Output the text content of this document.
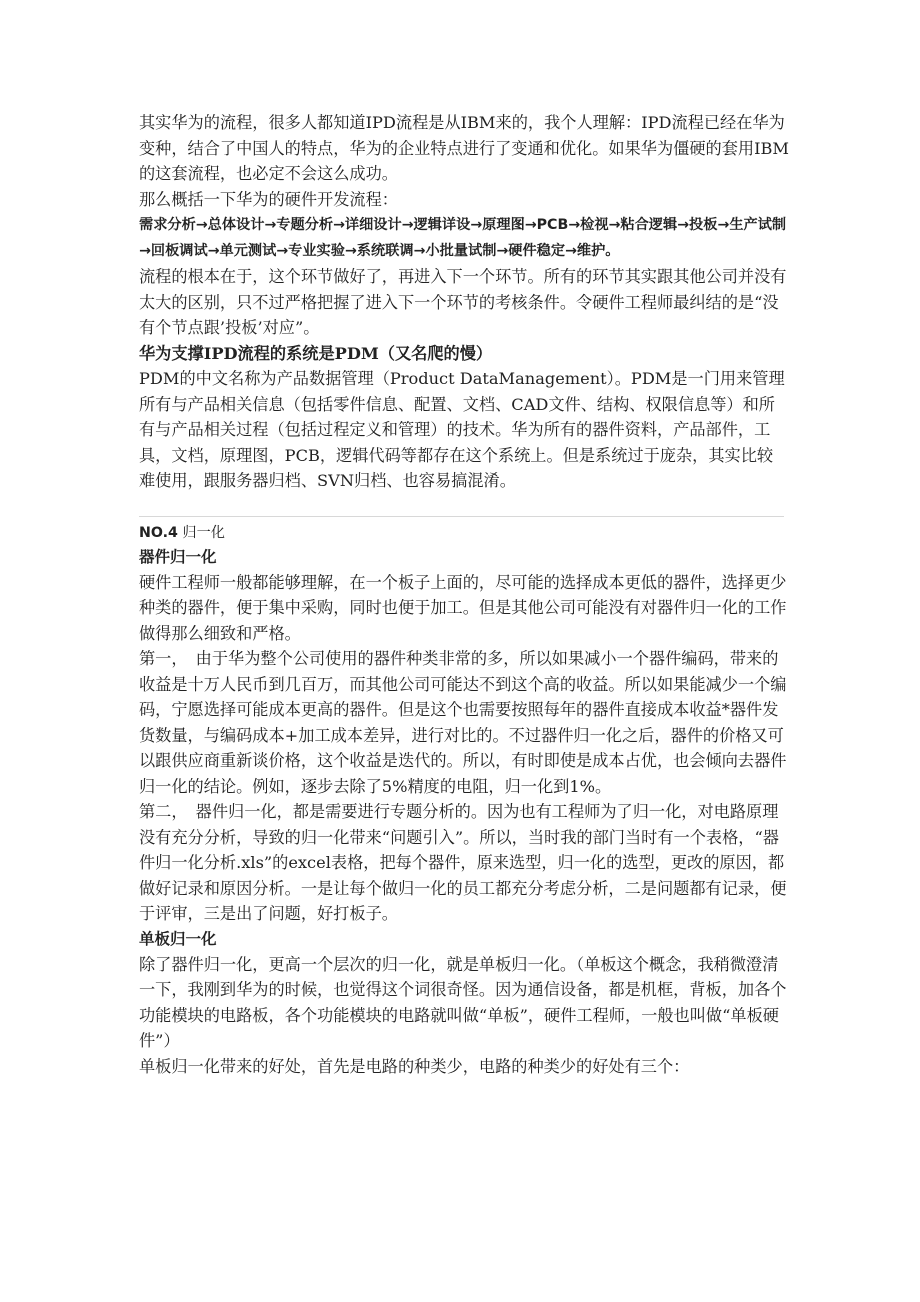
其实华为的流程，很多人都知道IPD流程是从IBM来的，我个人理解：IPD流程已经在华为变种，结合了中国人的特点，华为的企业特点进行了变通和优化。如果华为僵硬的套用IBM的这套流程，也必定不会这么成功。

那么概括一下华为的硬件开发流程：

需求分析→总体设计→专题分析→详细设计→逻辑详设→原理图→PCB→检视→粘合逻辑→投板→生产试制→回板调试→单元测试→专业实验→系统联调→小批量试制→硬件稳定→维护。

流程的根本在于，这个环节做好了，再进入下一个环节。所有的环节其实跟其他公司并没有太大的区别，只不过严格把握了进入下一个环节的考核条件。令硬件工程师最纠结的是“没有个节点跟’投板’对应”。

华为支撑IPD流程的系统是PDM（又名爬的慢）

PDM的中文名称为产品数据管理（Product DataManagement）。PDM是一门用来管理所有与产品相关信息（包括零件信息、配置、文档、CAD文件、结构、权限信息等）和所有与产品相关过程（包括过程定义和管理）的技术。华为所有的器件资料，产品部件，工具，文档，原理图，PCB，逻辑代码等都存在这个系统上。但是系统过于庞杂，其实比较难使用，跟服务器归档、SVN归档、也容易搞混淆。

NO.4 归一化

器件归一化

硬件工程师一般都能够理解，在一个板子上面的，尽可能的选择成本更低的器件，选择更少种类的器件，便于集中采购，同时也便于加工。但是其他公司可能没有对器件归一化的工作做得那么细致和严格。

第一，　由于华为整个公司使用的器件种类非常的多，所以如果减小一个器件编码，带来的收益是十万人民币到几百万，而其他公司可能达不到这个高的收益。所以如果能减少一个编码，宁愿选择可能成本更高的器件。但是这个也需要按照每年的器件直接成本收益*器件发货数量，与编码成本+加工成本差异，进行对比的。不过器件归一化之后，器件的价格又可以跟供应商重新谈价格，这个收益是迭代的。所以，有时即使是成本占优，也会倾向去器件归一化的结论。例如，逐步去除了5%精度的电阻，归一化到1%。

第二，　器件归一化，都是需要进行专题分析的。因为也有工程师为了归一化，对电路原理没有充分分析，导致的归一化带来“问题引入”。所以，当时我的部门当时有一个表格，“器件归一化分析.xls”的excel表格，把每个器件，原来选型，归一化的选型，更改的原因，都做好记录和原因分析。一是让每个做归一化的员工都充分考虑分析，二是问题都有记录，便于评审，三是出了问题，好打板子。

单板归一化

除了器件归一化，更高一个层次的归一化，就是单板归一化。（单板这个概念，我稍微澄清一下，我刚到华为的时候，也觉得这个词很奇怪。因为通信设备，都是机框，背板，加各个功能模块的电路板，各个功能模块的电路就叫做“单板”，硬件工程师，一般也叫做“单板硬件”）

单板归一化带来的好处，首先是电路的种类少，电路的种类少的好处有三个：
